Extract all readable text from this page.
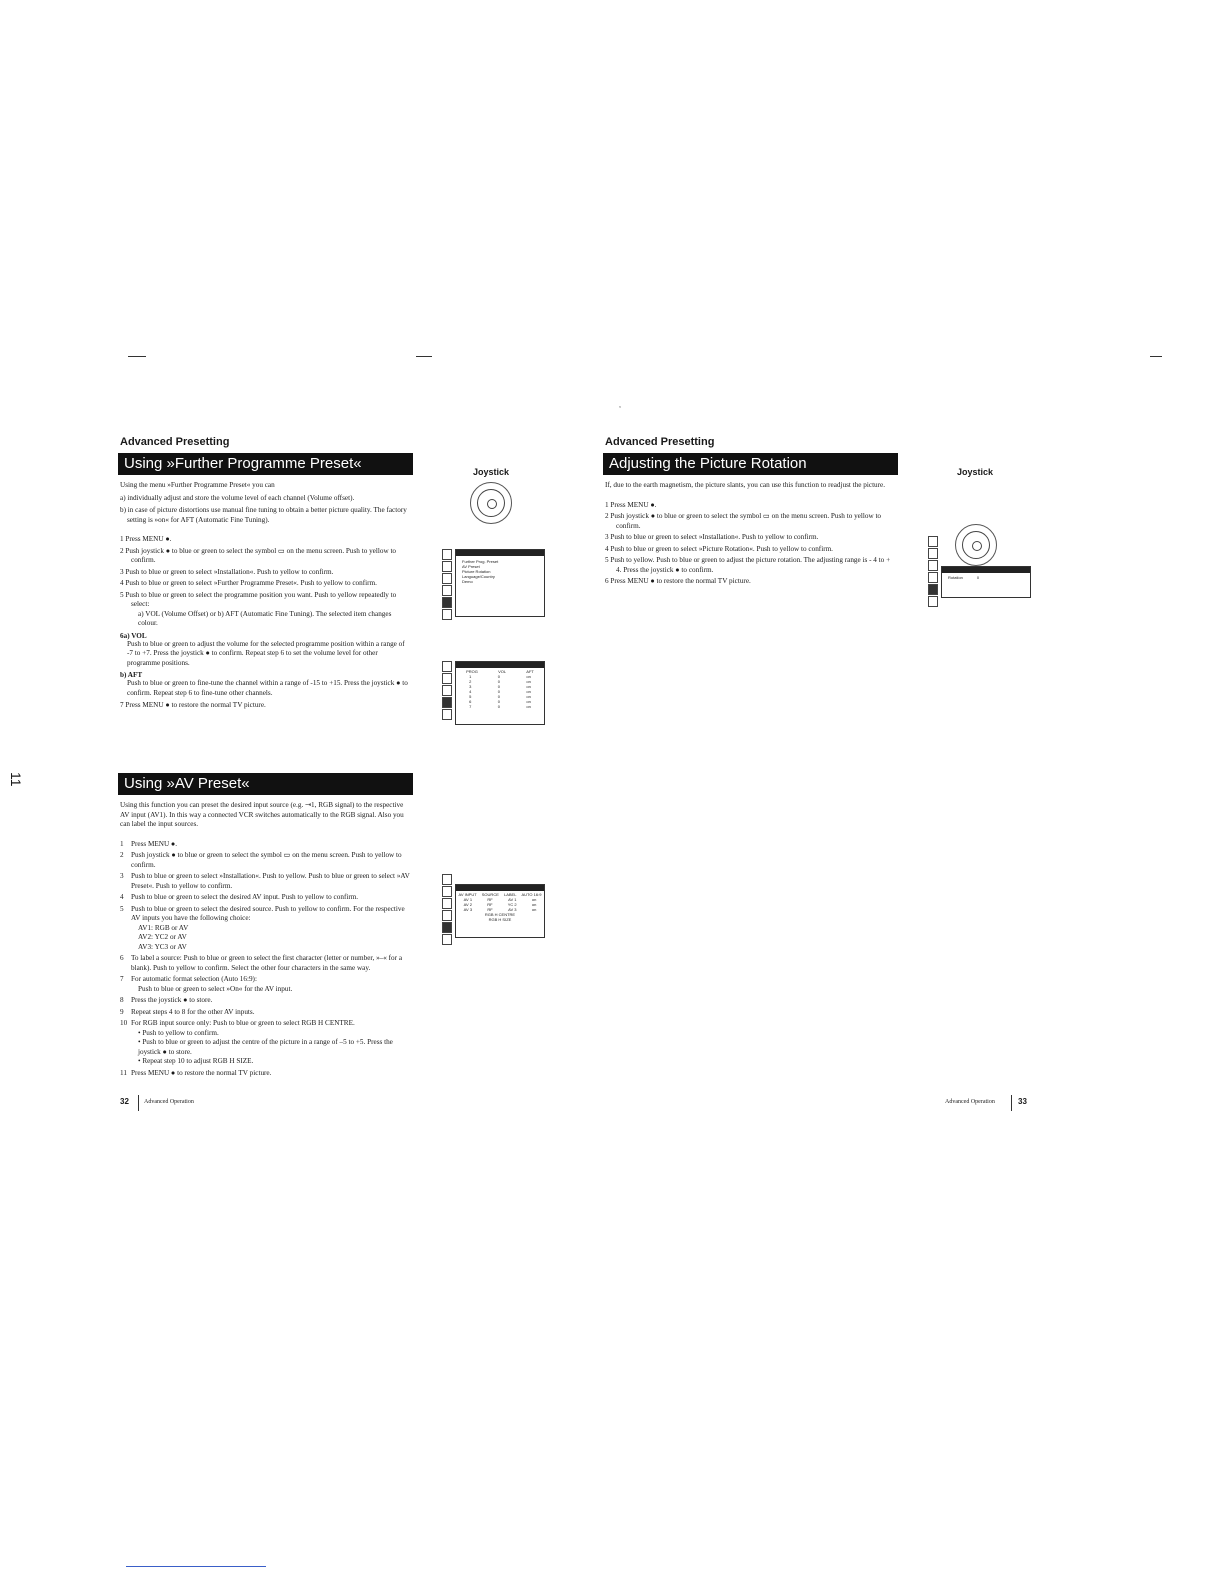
11
Advanced Presetting
Using »Further Programme Preset«
Using the menu »Further Programme Preset« you can
a) individually adjust and store the volume level of each channel (Volume offset).
b) in case of picture distortions use manual fine tuning to obtain a better picture quality. The factory setting is »on« for AFT (Automatic Fine Tuning).
1 Press MENU ●.
2 Push joystick ● to blue or green to select the symbol ▭ on the menu screen. Push to yellow to confirm.
3 Push to blue or green to select »Installation«. Push to yellow to confirm.
4 Push to blue or green to select »Further Programme Preset«. Push to yellow to confirm.
5 Push to blue or green to select the programme position you want. Push to yellow repeatedly to select:
a) VOL (Volume Offset) or b) AFT (Automatic Fine Tuning). The selected item changes colour.
6a) VOL
Push to blue or green to adjust the volume for the selected programme position within a range of -7 to +7. Press the joystick ● to confirm. Repeat step 6 to set the volume level for other programme positions.
b) AFT
Push to blue or green to fine-tune the channel within a range of -15 to +15. Press the joystick ● to confirm. Repeat step 6 to fine-tune other channels.
7 Press MENU ● to restore the normal TV picture.
Joystick
Further Prog. Preset
AV Preset
Picture Rotation
Language/Country
Demo
PROG	VOL	AFT
1	0	on
2	0	on
3	0	on
4	0	on
5	0	on
6	0	on
7	0	on
Using »AV Preset«
Using this function you can preset the desired input source (e.g. ⇥1, RGB signal) to the respective AV input (AV1). In this way a connected VCR switches automatically to the RGB signal. Also you can label the input sources.
1 Press MENU ●.
2 Push joystick ● to blue or green to select the symbol ▭ on the menu screen. Push to yellow to confirm.
3 Push to blue or green to select »Installation«. Push to yellow. Push to blue or green to select »AV Preset«. Push to yellow to confirm.
4 Push to blue or green to select the desired AV input. Push to yellow to confirm.
5 Push to blue or green to select the desired source. Push to yellow to confirm. For the respective AV inputs you have the following choice:
AV1: RGB or AV
AV2: YC2 or AV
AV3: YC3 or AV
6 To label a source: Push to blue or green to select the first character (letter or number, »–« for a blank). Push to yellow to confirm. Select the other four characters in the same way.
7 For automatic format selection (Auto 16:9):
Push to blue or green to select »On« for the AV input.
8 Press the joystick ● to store.
9 Repeat steps 4 to 8 for the other AV inputs.
10 For RGB input source only: Push to blue or green to select RGB H CENTRE.
• Push to yellow to confirm.
• Push to blue or green to adjust the centre of the picture in a range of –5 to +5. Press the joystick ● to store.
• Repeat step 10 to adjust RGB H SIZE.
11 Press MENU ● to restore the normal TV picture.
AV INPUT SOURCE LABEL AUTO 16:9
AV 1	RF	AV 1	on
AV 2	RF	YC 2	on
AV 3	RF	AV 3	on
RGB H CENTRE
RGB H SIZE
32	Advanced Operation
,
Advanced Presetting
Adjusting the Picture Rotation
If, due to the earth magnetism, the picture slants, you can use this function to readjust the picture.
1 Press MENU ●.
2 Push joystick ● to blue or green to select the symbol ▭ on the menu screen. Push to yellow to confirm.
3 Push to blue or green to select »Installation«. Push to yellow to confirm.
4 Push to blue or green to select »Picture Rotation«. Push to yellow to confirm.
5 Push to yellow. Push to blue or green to adjust the picture rotation. The adjusting range is - 4 to + 4. Press the joystick ● to confirm.
6 Press MENU ● to restore the normal TV picture.
Joystick
Rotation	0
Advanced Operation	33
